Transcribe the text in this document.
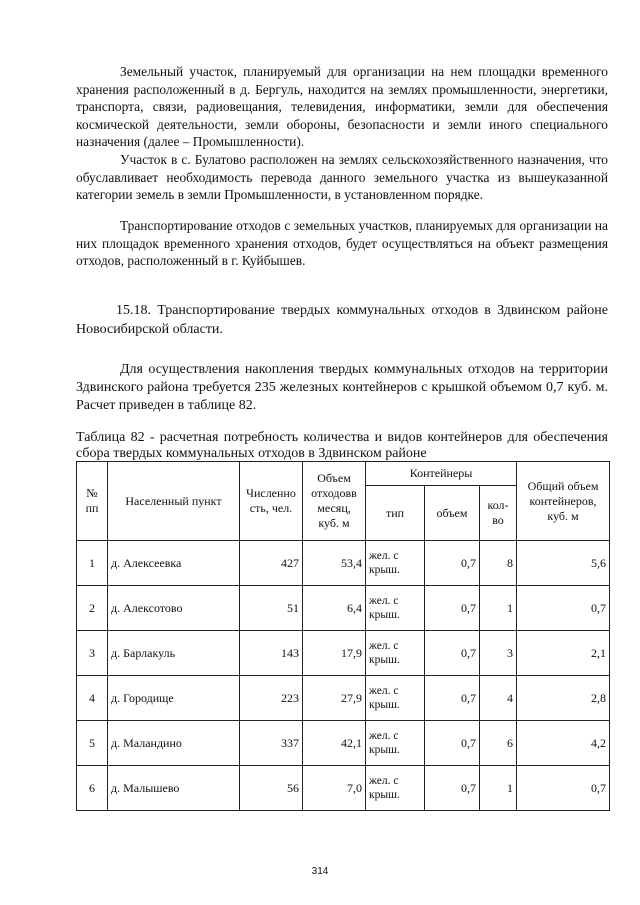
Земельный участок, планируемый для организации на нем площадки временного хранения расположенный в д. Бергуль, находится на землях промышленности, энергетики, транспорта, связи, радиовещания, телевидения, информатики, земли для обеспечения космической деятельности, земли обороны, безопасности и земли иного специального назначения (далее – Промышленности).

Участок в с. Булатово расположен на землях сельскохозяйственного назначения, что обуславливает необходимость перевода данного земельного участка из вышеуказанной категории земель в земли Промышленности, в установленном порядке.

Транспортирование отходов с земельных участков, планируемых для организации на них площадок временного хранения отходов, будет осуществляться на объект размещения отходов, расположенный в г. Куйбышев.

15.18. Транспортирование твердых коммунальных отходов в Здвинском районе Новосибирской области.

Для осуществления накопления твердых коммунальных отходов на территории Здвинского района требуется 235 железных контейнеров с крышкой объемом 0,7 куб. м. Расчет приведен в таблице 82.

Таблица 82 - расчетная потребность количества и видов контейнеров для обеспечения сбора твердых коммунальных отходов в Здвинском районе

№ пп	Населенный пункт	Численно сть, чел.	Объем отходовв месяц, куб. м	Контейнеры			Общий объем контейнеров, куб. м
				тип	объем	кол-во	
1	д. Алексеевка	427	53,4	жел. с крыш.	0,7	8	5,6
2	д. Алексотово	51	6,4	жел. с крыш.	0,7	1	0,7
3	д. Барлакуль	143	17,9	жел. с крыш.	0,7	3	2,1
4	д. Городище	223	27,9	жел. с крыш.	0,7	4	2,8
5	д. Маландино	337	42,1	жел. с крыш.	0,7	6	4,2
6	д. Малышево	56	7,0	жел. с крыш.	0,7	1	0,7
314
